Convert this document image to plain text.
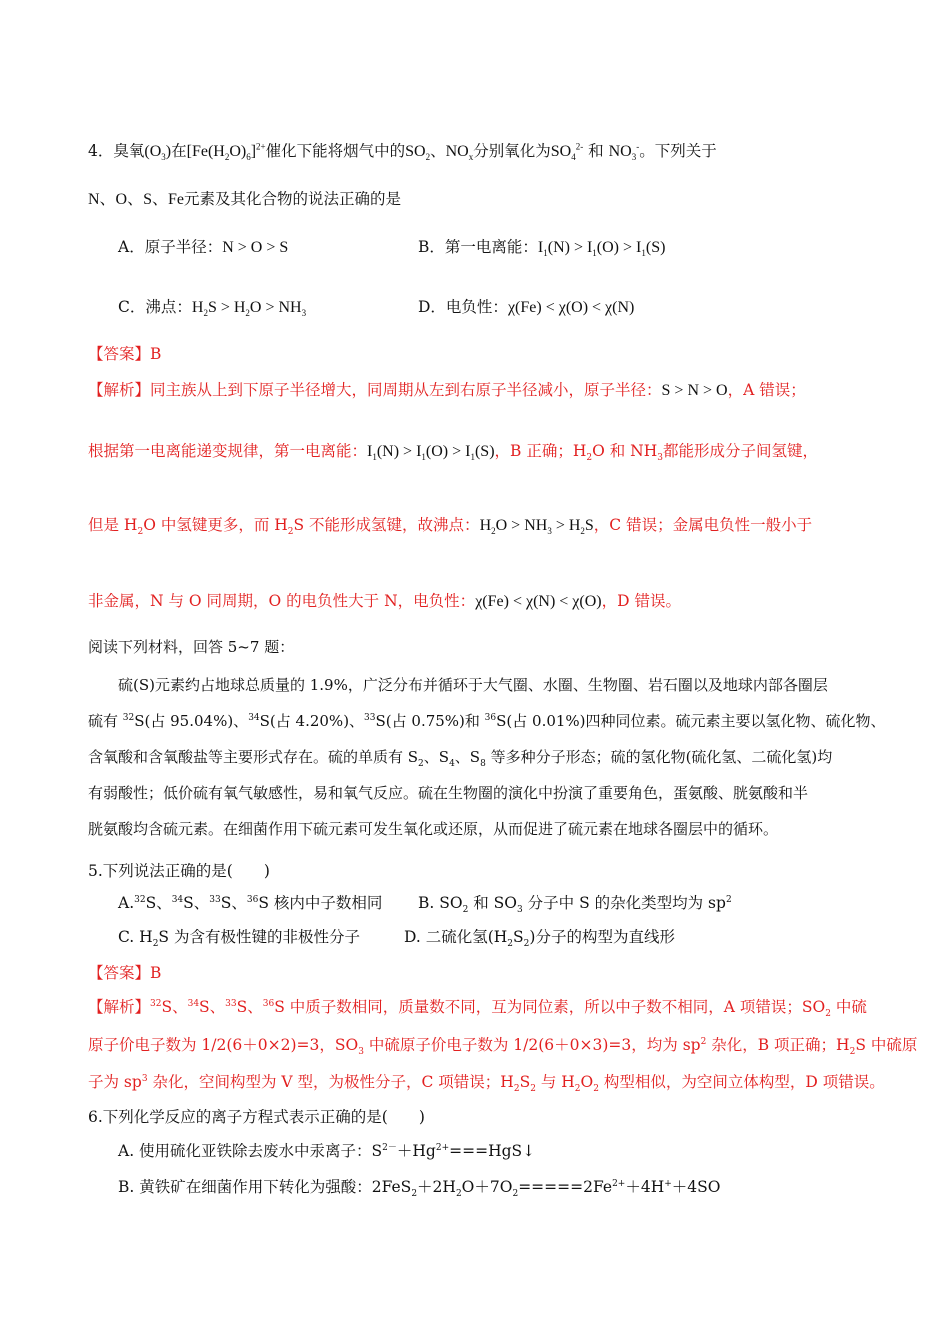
4．臭氧$(O_3)$在$[Fe(H_2O)_6]^{2+}$催化下能将烟气中的$SO_2$、$NO_x$分别氧化为$SO_4^{2-}$ 和 $NO_3^-$。下列关于
N、O、S、Fe元素及其化合物的说法正确的是
A．原子半径：N > O > S	B．第一电离能：$I_1(N) > I_1(O) > I_1(S)$
C．沸点：$H_2S > H_2O > NH_3$	D．电负性：χ(Fe) < χ(O) < χ(N)
【答案】B
【解析】同主族从上到下原子半径增大，同周期从左到右原子半径减小，原子半径：S > N > O，A 错误；
根据第一电离能递变规律，第一电离能：$I_1(N) > I_1(O) > I_1(S)$，B 正确；$H_2O$ 和 $NH_3$都能形成分子间氢键，
但是 $H_2O$ 中氢键更多，而 $H_2S$ 不能形成氢键，故沸点：$H_2O > NH_3 > H_2S$，C 错误；金属电负性一般小于
非金属，N 与 O 同周期，O 的电负性大于 N，电负性：χ(Fe) < χ(N) < χ(O)，D 错误。
阅读下列材料，回答 5~7 题：

　　硫(S)元素约占地球总质量的 1.9%，广泛分布并循环于大气圈、水圈、生物圈、岩石圈以及地球内部各圈层

硫有 $^{32}$S(占 95.04%)、$^{34}$S(占 4.20%)、$^{33}$S(占 0.75%)和 $^{36}$S(占 0.01%)四种同位素。硫元素主要以氢化物、硫化物、

含氧酸和含氧酸盐等主要形式存在。硫的单质有 $S_2$、$S_4$、$S_8$ 等多种分子形态；硫的氢化物(硫化氢、二硫化氢)均

有弱酸性；低价硫有氧气敏感性，易和氧气反应。硫在生物圈的演化中扮演了重要角色，蛋氨酸、胱氨酸和半

胱氨酸均含硫元素。在细菌作用下硫元素可发生氧化或还原，从而促进了硫元素在地球各圈层中的循环。

5.下列说法正确的是(　　)
A.$^{32}$S、$^{34}$S、$^{33}$S、$^{36}$S 核内中子数相同 B. $SO_2$ 和 $SO_3$ 分子中 S 的杂化类型均为 $sp^2$
C. $H_2S$ 为含有极性键的非极性分子	D. 二硫化氢$(H_2S_2)$分子的构型为直线形
【答案】B
【解析】$^{32}$S、$^{34}$S、$^{33}$S、$^{36}$S 中质子数相同，质量数不同，互为同位素，所以中子数不相同，A 项错误；$SO_2$ 中硫
原子价电子数为 1/2(6＋0×2)=3，$SO_3$ 中硫原子价电子数为 1/2(6＋0×3)=3，均为 $sp^2$ 杂化，B 项正确；$H_2S$ 中硫原
子为 $sp^3$ 杂化，空间构型为 V 型，为极性分子，C 项错误；$H_2S_2$ 与 $H_2O_2$ 构型相似，为空间立体构型，D 项错误。
6.下列化学反应的离子方程式表示正确的是(　　)
A. 使用硫化亚铁除去废水中汞离子：$S^{2-}+Hg^{2+}===HgS↓$
B. 黄铁矿在细菌作用下转化为强酸：$2FeS_2+2H_2O+7O_2=====2Fe^{2+}+4H^++4SO$
